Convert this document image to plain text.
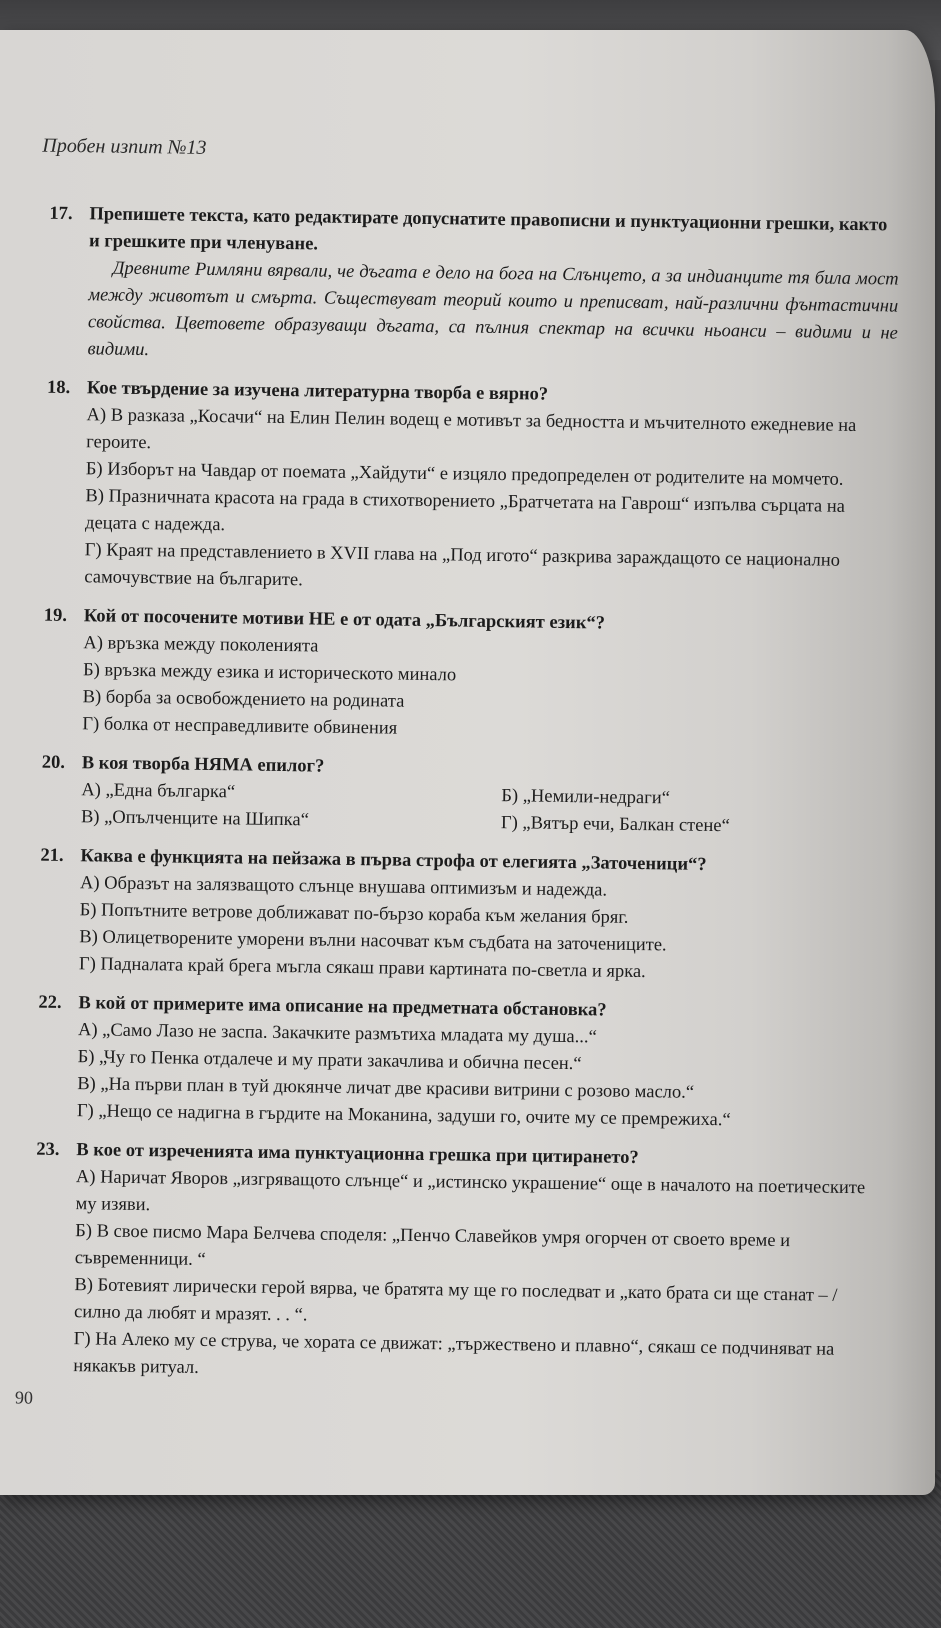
Пробен изпит №13
17. Препишете текста, като редактирате допуснатите правописни и пунктуационни грешки, както и грешките при членуване.
Древните Римляни вярвали, че дъгата е дело на бога на Слънцето, а за индианците тя била мост между животът и смърта. Съществуват теорий които и преписват, най-различни фънтастични свойства. Цветовете образуващи дъгата, са пълния спектар на всички ньоанси – видими и не видими.
18. Кое твърдение за изучена литературна творба е вярно?
А) В разказа „Косачи“ на Елин Пелин водещ е мотивът за бедността и мъчителното ежедневие на героите.
Б) Изборът на Чавдар от поемата „Хайдути“ е изцяло предопределен от родителите на момчето.
В) Празничната красота на града в стихотворението „Братчетата на Гаврош“ изпълва сърцата на децата с надежда.
Г) Краят на представлението в XVII глава на „Под игото“ разкрива зараждащото се национално самочувствие на българите.
19. Кой от посочените мотиви НЕ е от одата „Българският език“?
А) връзка между поколенията
Б) връзка между езика и историческото минало
В) борба за освобождението на родината
Г) болка от несправедливите обвинения
20. В коя творба НЯМА епилог?
А) „Една българка“	Б) „Немили-недраги“
В) „Опълченците на Шипка“	Г) „Вятър ечи, Балкан стене“
21. Каква е функцията на пейзажа в първа строфа от елегията „Заточеници“?
А) Образът на залязващото слънце внушава оптимизъм и надежда.
Б) Попътните ветрове доближават по-бързо кораба към желания бряг.
В) Олицетворените уморени вълни насочват към съдбата на заточениците.
Г) Падналата край брега мъгла сякаш прави картината по-светла и ярка.
22. В кой от примерите има описание на предметната обстановка?
А) „Само Лазо не заспа. Закачките размътиха младата му душа...“
Б) „Чу го Пенка отдалече и му прати закачлива и обична песен.“
В) „На първи план в туй дюкянче личат две красиви витрини с розово масло.“
Г) „Нещо се надигна в гърдите на Моканина, задуши го, очите му се премрежиха.“
23. В кое от изреченията има пунктуационна грешка при цитирането?
А) Наричат Яворов „изгряващото слънце“ и „истинско украшение“ още в началото на поетическите му изяви.
Б) В свое писмо Мара Белчева споделя: „Пенчо Славейков умря огорчен от своето време и съвременници. “
В) Ботевият лирически герой вярва, че братята му ще го последват и „като брата си ще станат – / силно да любят и мразят. . . “.
Г) На Алеко му се струва, че хората се движат: „тържествено и плавно“, сякаш се подчиняват на някакъв ритуал.
90
